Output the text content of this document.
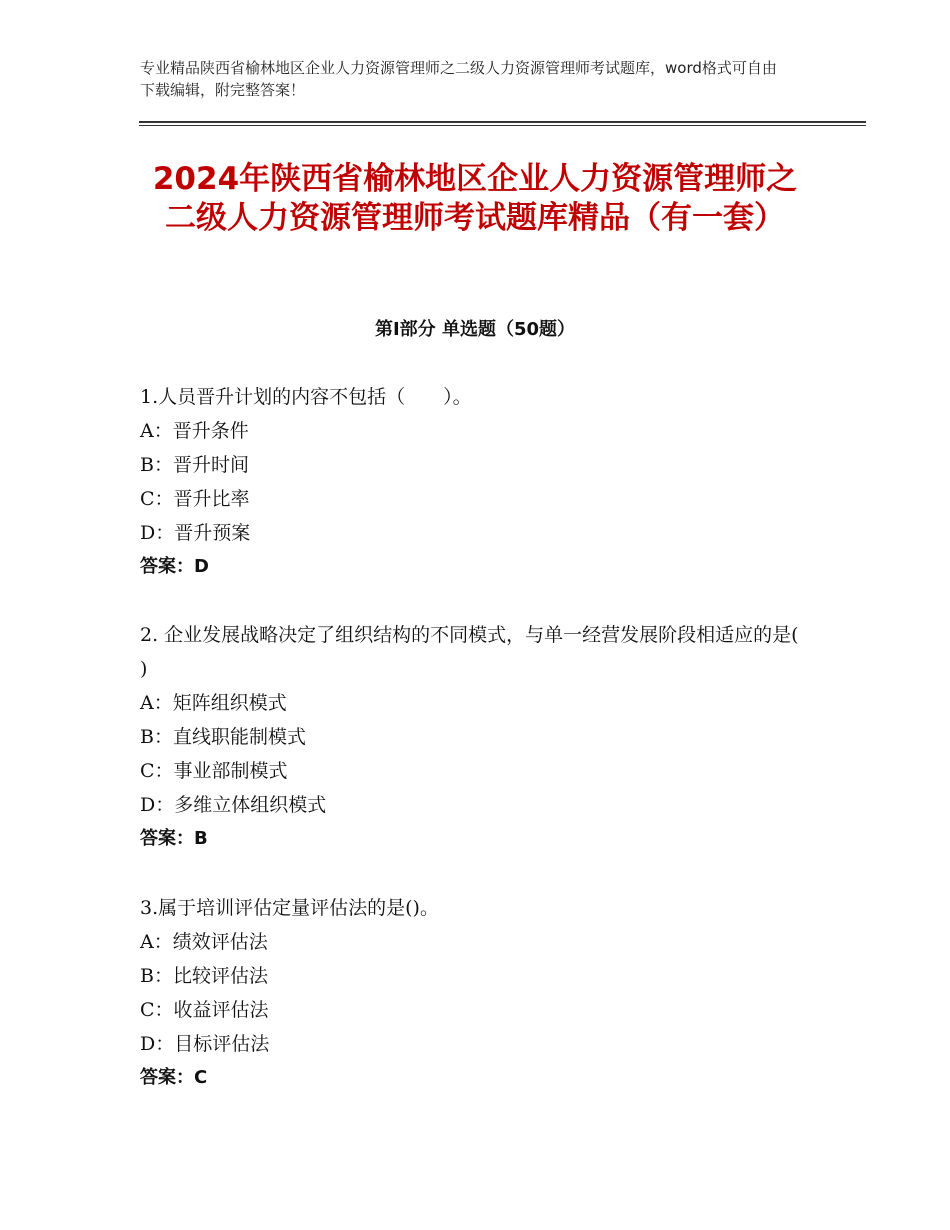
专业精品陕西省榆林地区企业人力资源管理师之二级人力资源管理师考试题库，word格式可自由下载编辑，附完整答案！
2024年陕西省榆林地区企业人力资源管理师之二级人力资源管理师考试题库精品（有一套）
第Ⅰ部分 单选题（50题）
1.人员晋升计划的内容不包括（　　）。
A：晋升条件
B：晋升时间
C：晋升比率
D：晋升预案
答案：D
2. 企业发展战略决定了组织结构的不同模式，与单一经营发展阶段相适应的是( )
A：矩阵组织模式
B：直线职能制模式
C：事业部制模式
D：多维立体组织模式
答案：B
3.属于培训评估定量评估法的是()。
A：绩效评估法
B：比较评估法
C：收益评估法
D：目标评估法
答案：C
